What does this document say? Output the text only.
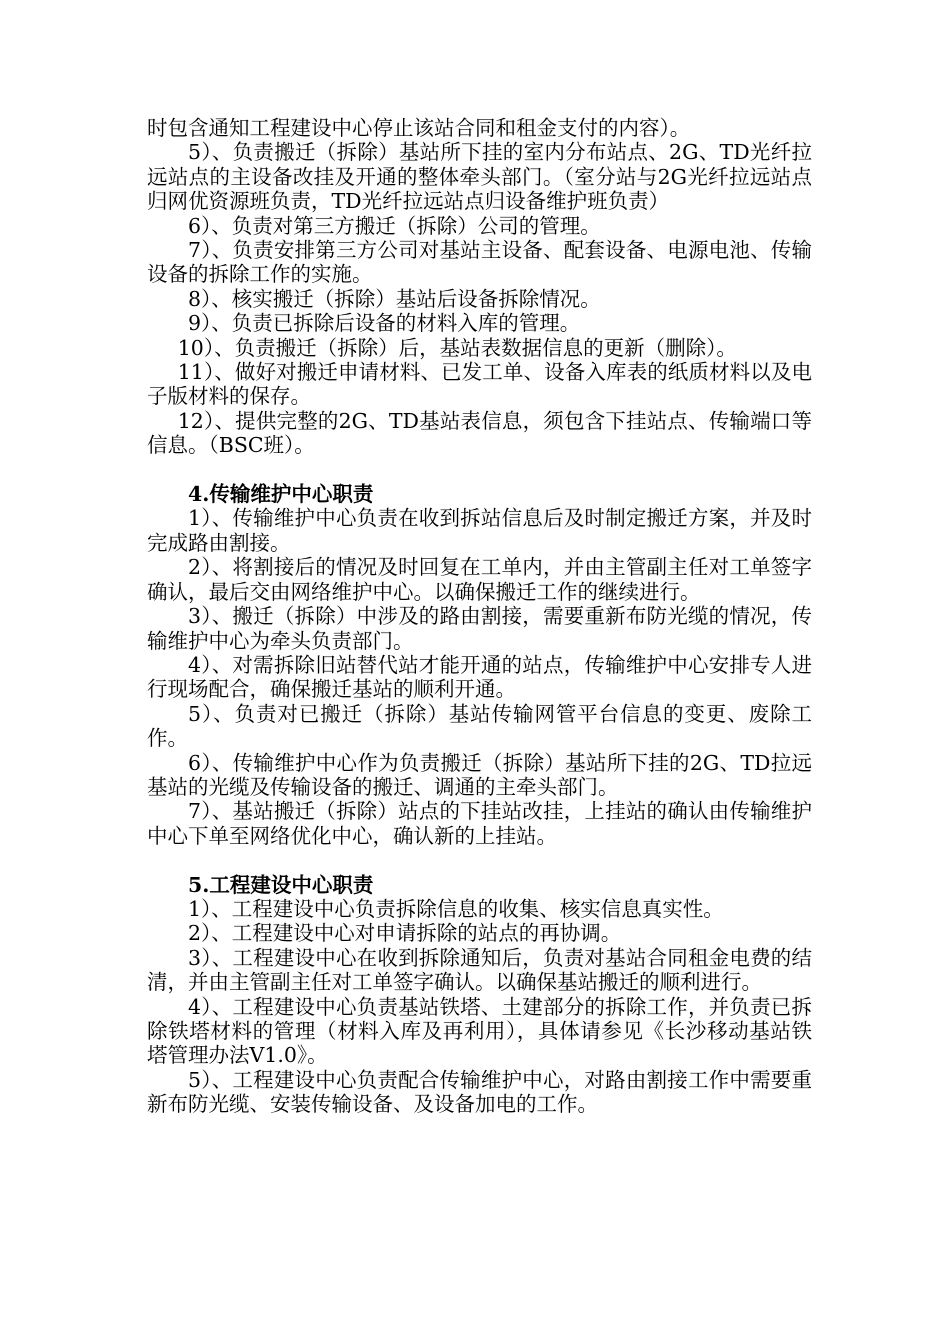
时包含通知工程建设中心停止该站合同和租金支付的内容）。

5）、负责搬迁（拆除）基站所下挂的室内分布站点、2G、TD光纤拉远站点的主设备改挂及开通的整体牵头部门。（室分站与2G光纤拉远站点归网优资源班负责，TD光纤拉远站点归设备维护班负责）

6）、负责对第三方搬迁（拆除）公司的管理。

7）、负责安排第三方公司对基站主设备、配套设备、电源电池、传输设备的拆除工作的实施。

8）、核实搬迁（拆除）基站后设备拆除情况。

9）、负责已拆除后设备的材料入库的管理。

10）、负责搬迁（拆除）后，基站表数据信息的更新（删除）。

11）、做好对搬迁申请材料、已发工单、设备入库表的纸质材料以及电子版材料的保存。

12）、提供完整的2G、TD基站表信息，须包含下挂站点、传输端口等信息。（BSC班）。

4.传输维护中心职责

1）、传输维护中心负责在收到拆站信息后及时制定搬迁方案，并及时完成路由割接。

2）、将割接后的情况及时回复在工单内，并由主管副主任对工单签字确认，最后交由网络维护中心。以确保搬迁工作的继续进行。

3）、搬迁（拆除）中涉及的路由割接，需要重新布防光缆的情况，传输维护中心为牵头负责部门。

4）、对需拆除旧站替代站才能开通的站点，传输维护中心安排专人进行现场配合，确保搬迁基站的顺利开通。

5）、负责对已搬迁（拆除）基站传输网管平台信息的变更、废除工作。

6）、传输维护中心作为负责搬迁（拆除）基站所下挂的2G、TD拉远基站的光缆及传输设备的搬迁、调通的主牵头部门。

7）、基站搬迁（拆除）站点的下挂站改挂，上挂站的确认由传输维护中心下单至网络优化中心，确认新的上挂站。

5.工程建设中心职责

1）、工程建设中心负责拆除信息的收集、核实信息真实性。

2）、工程建设中心对申请拆除的站点的再协调。

3）、工程建设中心在收到拆除通知后，负责对基站合同租金电费的结清，并由主管副主任对工单签字确认。以确保基站搬迁的顺利进行。

4）、工程建设中心负责基站铁塔、土建部分的拆除工作，并负责已拆除铁塔材料的管理（材料入库及再利用），具体请参见《长沙移动基站铁塔管理办法V1.0》。

5）、工程建设中心负责配合传输维护中心，对路由割接工作中需要重新布防光缆、安装传输设备、及设备加电的工作。
